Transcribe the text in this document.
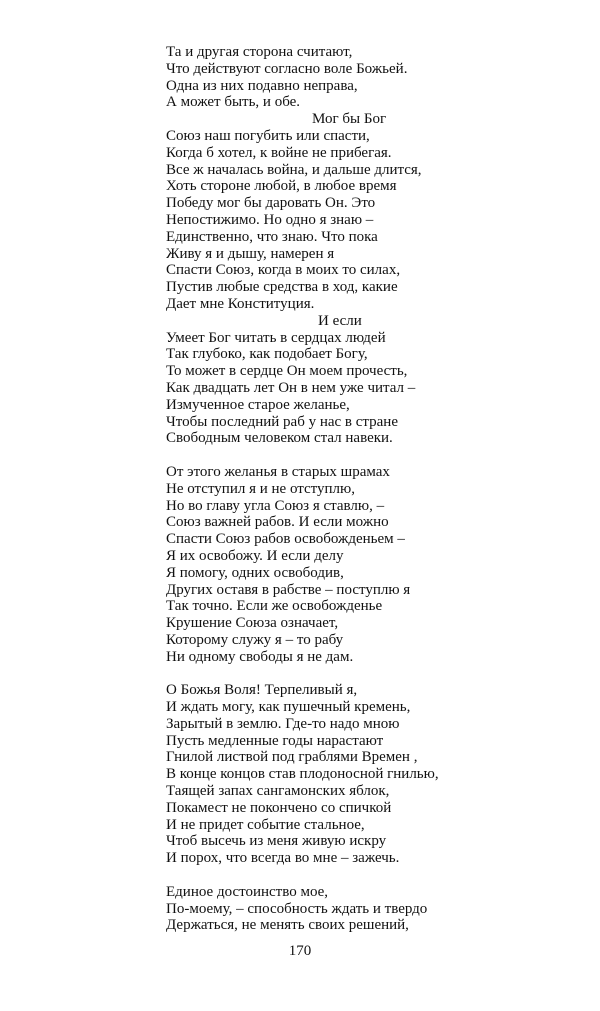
Та и другая сторона считают,
Что действуют согласно воле Божьей.
Одна из них подавно неправа,
А может быть, и обе.
Мог бы Бог
Союз наш погубить или спасти,
Когда б хотел, к войне не прибегая.
Все ж началась война, и дальше длится,
Хоть стороне любой, в любое время
Победу мог бы даровать Он. Это
Непостижимо. Но одно я знаю –
Единственно, что знаю. Что пока
Живу я и дышу, намерен я
Спасти Союз, когда в моих то силах,
Пустив любые средства в ход, какие
Дает мне Конституция.
И если
Умеет Бог читать в сердцах людей
Так глубоко, как подобает Богу,
То может в сердце Он моем прочесть,
Как двадцать лет Он в нем уже читал –
Измученное старое желанье,
Чтобы последний раб у нас в стране
Свободным человеком стал навеки.
От этого желанья в старых шрамах
Не отступил я и не отступлю,
Но во главу угла Союз я ставлю, –
Союз важней рабов. И если можно
Спасти Союз рабов освобожденьем –
Я их освобожу. И если делу
Я помогу, одних освободив,
Других оставя в рабстве – поступлю я
Так точно. Если же освобожденье
Крушение Союза означает,
Которому служу я – то рабу
Ни одному свободы я не дам.
О Божья Воля! Терпеливый я,
И ждать могу, как пушечный кремень,
Зарытый в землю. Где-то надо мною
Пусть медленные годы нарастают
Гнилой листвой под граблями Времен ,
В конце концов став плодоносной гнилью,
Таящей запах сангамонских яблок,
Покамест не покончено со спичкой
И не придет событие стальное,
Чтоб высечь из меня живую искру
И порох, что всегда во мне – зажечь.
Единое достоинство мое,
По-моему, – способность ждать и твердо
Держаться, не менять своих решений,
170
